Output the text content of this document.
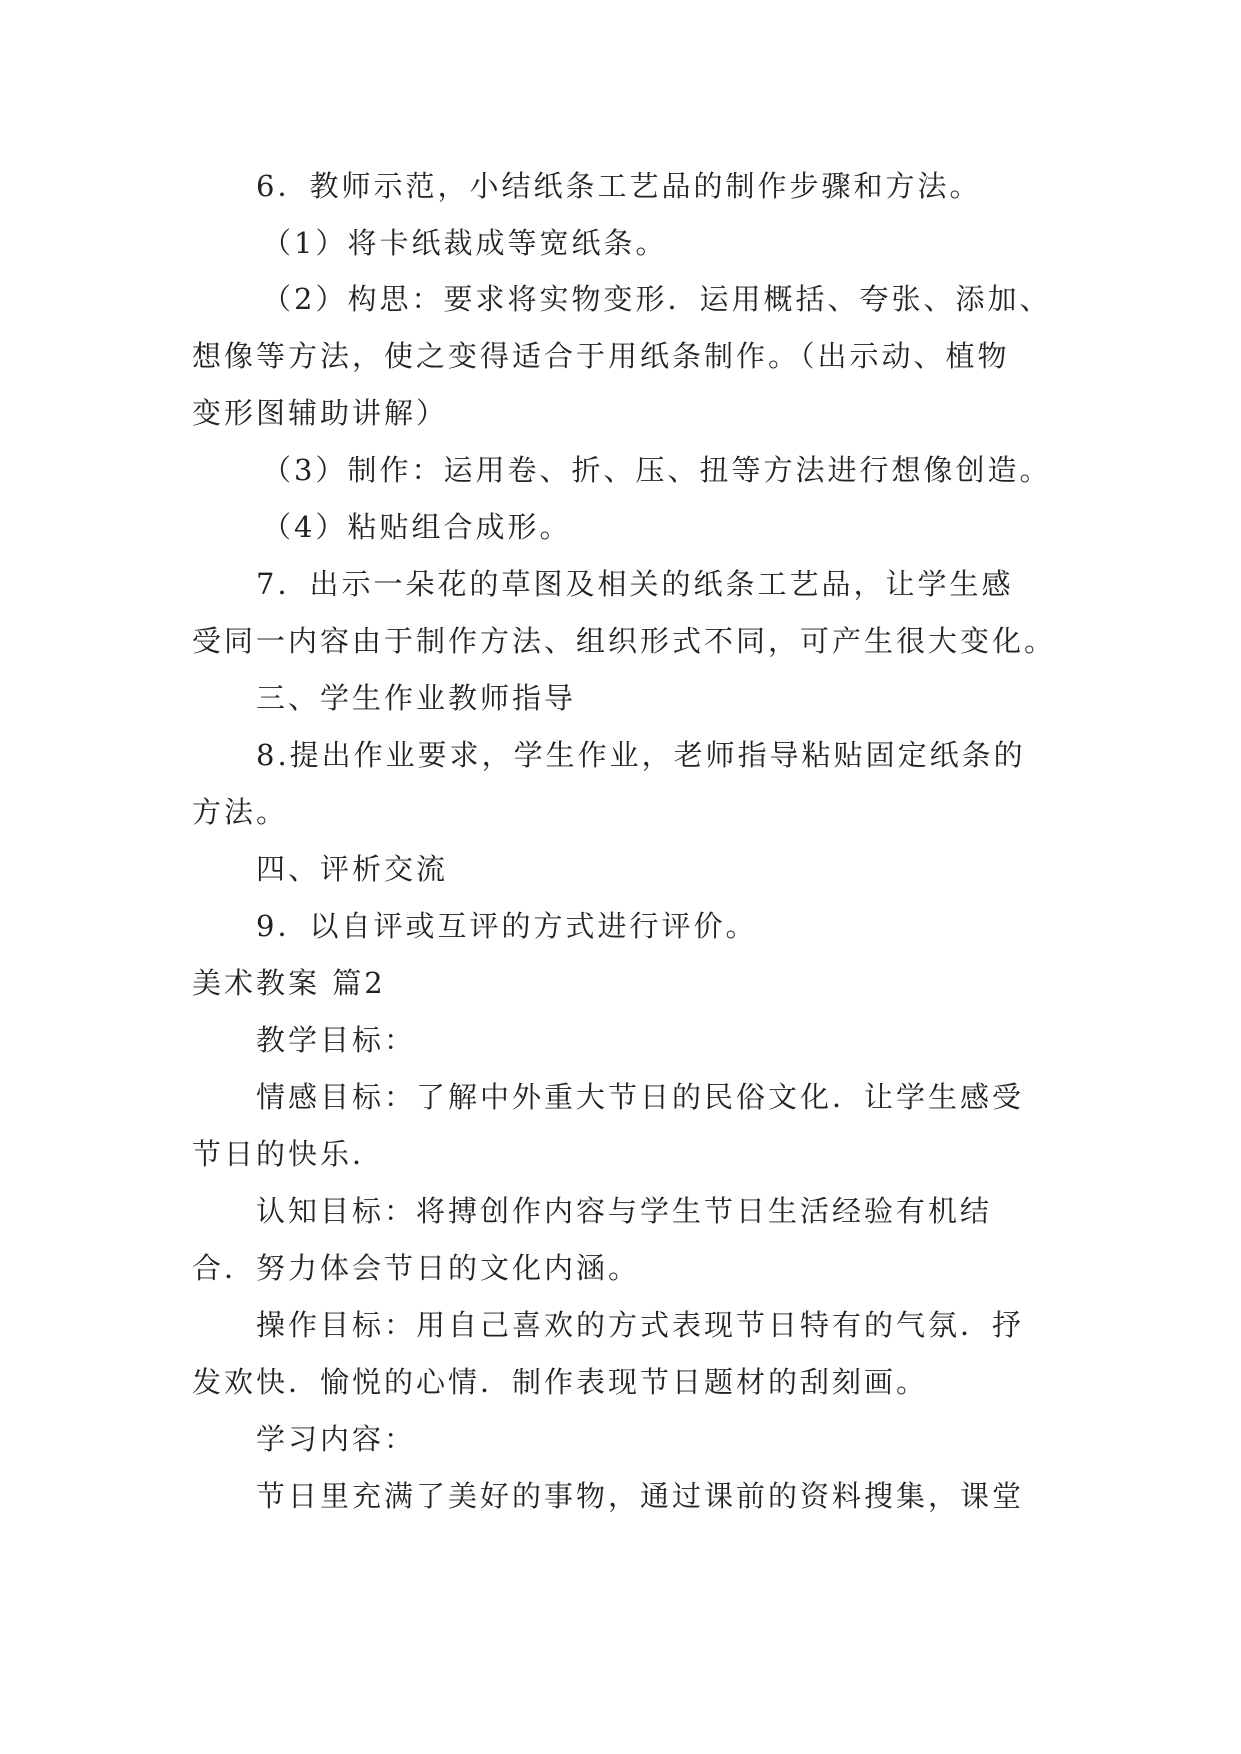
6．教师示范，小结纸条工艺品的制作步骤和方法。
（1）将卡纸裁成等宽纸条。
（2）构思：要求将实物变形．运用概括、夸张、添加、
想像等方法，使之变得适合于用纸条制作。（出示动、植物
变形图辅助讲解）
（3）制作：运用卷、折、压、扭等方法进行想像创造。
（4）粘贴组合成形。
7．出示一朵花的草图及相关的纸条工艺品，让学生感
受同一内容由于制作方法、组织形式不同，可产生很大变化。
三、学生作业教师指导
8.提出作业要求，学生作业，老师指导粘贴固定纸条的
方法。
四、评析交流
9．以自评或互评的方式进行评价。
美术教案 篇2
教学目标：
情感目标：了解中外重大节日的民俗文化．让学生感受
节日的快乐．
认知目标：将搏创作内容与学生节日生活经验有机结
合．努力体会节日的文化内涵。
操作目标：用自己喜欢的方式表现节日特有的气氛．抒
发欢快．愉悦的心情．制作表现节日题材的刮刻画。
学习内容：
节日里充满了美好的事物，通过课前的资料搜集，课堂
